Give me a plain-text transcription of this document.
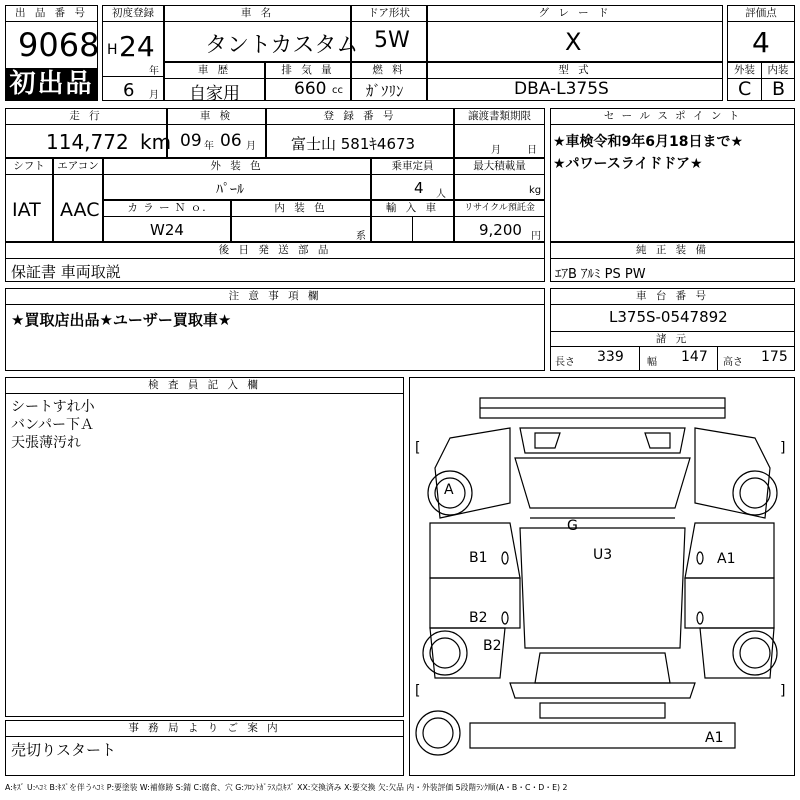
出 品 番 号
9068
初出品
初度登録
H 24
年
6 月
車 名
タントカスタム
ドア形状
5W
グ レ ー ド
X
評価点
4
車 歴
自家用
排 気 量
660 cc
燃 料
ｶﾞｿﾘﾝ
型 式
DBA-L375S
外装	内装
C B
走 行
114,772 km
車 検
09 年 06 月
登 録 番 号
富士山 581ｷ4673
譲渡書類期限
月	日
シフト
IAT
エアコン
AAC
外 装 色
ﾊﾟｰﾙ
乗車定員
4 人
最大積載量
kg
カ ラ ー Ｎ ｏ.
W24
内 装 色
系
輸 入 車	リサイクル預託金
9,200 円
後 日 発 送 部 品
保証書 車両取説
セ ー ル ス ポ イ ン ト
★車検令和9年6月18日まで★
★パワースライドドア★
純 正 装 備
ｴｱB ｱﾙﾐ PS PW
注 意 事 項 欄
★買取店出品★ユーザー買取車★
車 台 番 号
L375S-0547892
諸 元
長さ 339 幅 147 高さ 175
検 査 員 記 入 欄
シートすれ小
バンパー下Ａ
天張薄汚れ
事 務 局 よ り ご 案 内
売切りスタート
A
G
U3
B1	A1
B2
B2
A1
[	]
[	]
A:ｷｽﾞ U:ﾍｺﾐ B:ｷｽﾞを伴うﾍｺﾐ P:要塗装 W:補修跡 S:錆 C:腐食、穴 G:ﾌﾛﾝﾄｶﾞﾗｽ点ｷｽﾞ XX:交換済み X:要交換 欠:欠品 内・外装評価 5段階ﾗﾝｸ順(A・B・C・D・E) 2
